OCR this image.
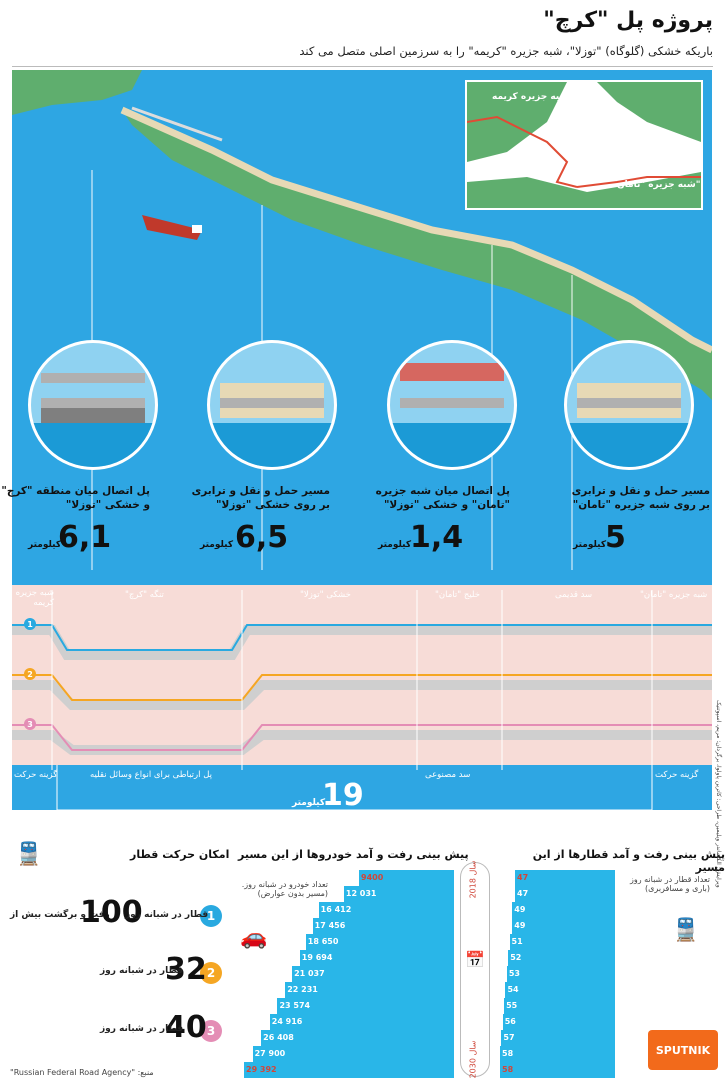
پروژه پل "کرچ"
باریکه خشکی (گلوگاه) "توزلا"، شبه جزیره "کریمه" را به سرزمین اصلی متصل می کند
شبه جزیره کریمه
شبه جزیره "تامان"
مسیر حمل و نقل و ترابری بر روی شبه جزیره "تامان"
5
کیلومتر
پل اتصال میان شبه جزیره "تامان" و خشکی "توزلا"
1,4
کیلومتر
مسیر حمل و نقل و ترابری بر روی خشکی "توزلا"
6,5
کیلومتر
پل اتصال میان منطقه "کرچ" و خشکی "توزلا"
6,1
کیلومتر
شبه جزیره "تامان"
سد قدیمی
خلیج "تامان"
خشکی "توزلا"
تنگه "کرچ"
شبه جزیره کریمه
1
2
3
گزینه حرکت
سد مصنوعی
پل ارتباطی برای انواع وسائل نقلیه
گزینه حرکت
19
کیلومتر
طول پروژه اتصال
امکان حرکت قطار
🚆
1
رفت و برگشت بیش از
100
قطار در شبانه روز
2
32
قطار در شبانه روز
3
40
قطار در شبانه روز
پیش بینی رفت و آمد خودروها از این مسیر
تعداد خودرو در شبانه روز. (مسیر بدون عوارض)
🚗
9400
12 031
16 412
17 456
18 650
19 694
21 037
22 231
23 574
24 916
26 408
27 900
29 392
سال 2018
سال 2030
📅
پیش بینی رفت و آمد قطارها از این مسیر
تعداد قطار در شبانه روز (باری و مسافربری)
🚆
47
47
49
49
51
52
53
54
55
56
57
58
58
منبع: "Russian Federal Road Agency"
SPUTNIK
ویرایش: الکساندر ویلیمین، طراحی: کاترین پاولوا، برگردان: مریم، اسپوتنیک
